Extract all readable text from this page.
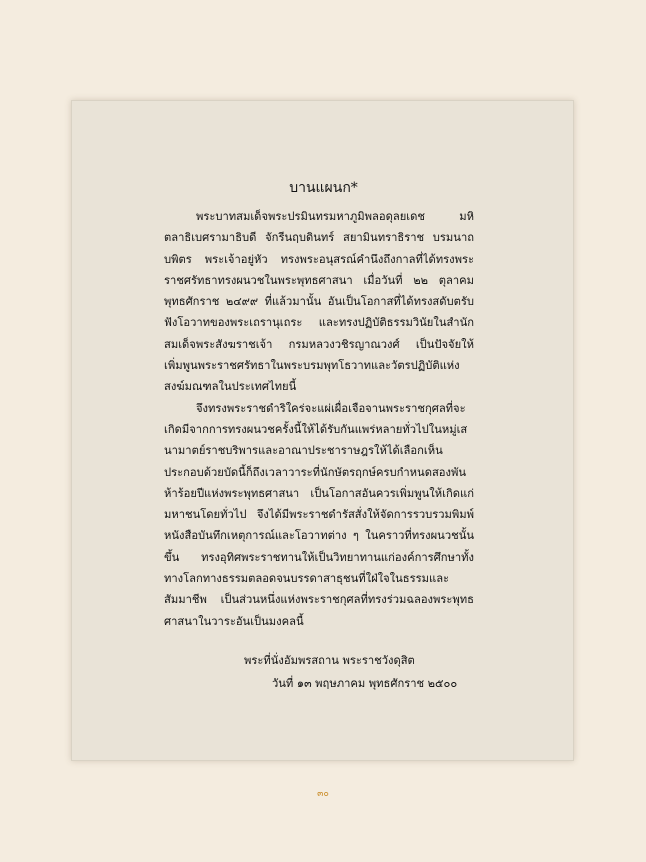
บานแผนก*

พระบาทสมเด็จพระปรมินทรมหาภูมิพลอดุลยเดช มหิตลาธิเบศรามาธิบดี จักรีนฤบดินทร์ สยามินทราธิราช บรมนาถบพิตร พระเจ้าอยู่หัว ทรงพระอนุสรณ์คำนึงถึงกาลที่ได้ทรงพระราชศรัทธาทรงผนวชในพระพุทธศาสนา เมื่อวันที่ ๒๒ ตุลาคม พุทธศักราช ๒๔๙๙ ที่แล้วมานั้น อันเป็นโอกาสที่ได้ทรงสดับตรับฟังโอวาทของพระเถรานุเถระ และทรงปฏิบัติธรรมวินัยในสำนักสมเด็จพระสังฆราชเจ้า กรมหลวงวชิรญาณวงศ์ เป็นปัจจัยให้เพิ่มพูนพระราชศรัทธาในพระบรมพุทโธวาทและวัตรปฏิบัติแห่งสงฆ์มณฑลในประเทศไทยนี้

จึงทรงพระราชดำริใคร่จะแผ่เผื่อเจือจานพระราชกุศลที่จะเกิดมีจากการทรงผนวชครั้งนี้ให้ได้รับกันแพร่หลายทั่วไปในหมู่เสนามาตย์ราชบริพารและอาณาประชาราษฎรให้ได้เลือกเห็นประกอบด้วยบัดนี้ก็ถึงเวลาวาระที่นักษัตรฤกษ์ครบกำหนดสองพันห้าร้อยปีแห่งพระพุทธศาสนา เป็นโอกาสอันควรเพิ่มพูนให้เกิดแก่มหาชนโดยทั่วไป จึงได้มีพระราชดำรัสสั่งให้จัดการรวบรวมพิมพ์หนังสือบันทึกเหตุการณ์และโอวาทต่าง ๆ ในคราวที่ทรงผนวชนั้นขึ้น ทรงอุทิศพระราชทานให้เป็นวิทยาทานแก่องค์การศึกษาทั้งทางโลกทางธรรมตลอดจนบรรดาสาธุชนที่ใฝ่ใจในธรรมและสัมมาชีพ เป็นส่วนหนึ่งแห่งพระราชกุศลที่ทรงร่วมฉลองพระพุทธศาสนาในวาระอันเป็นมงคลนี้

พระที่นั่งอัมพรสถาน พระราชวังดุสิต
วันที่ ๑๓ พฤษภาคม พุทธศักราช ๒๕๐๐
๓๐
